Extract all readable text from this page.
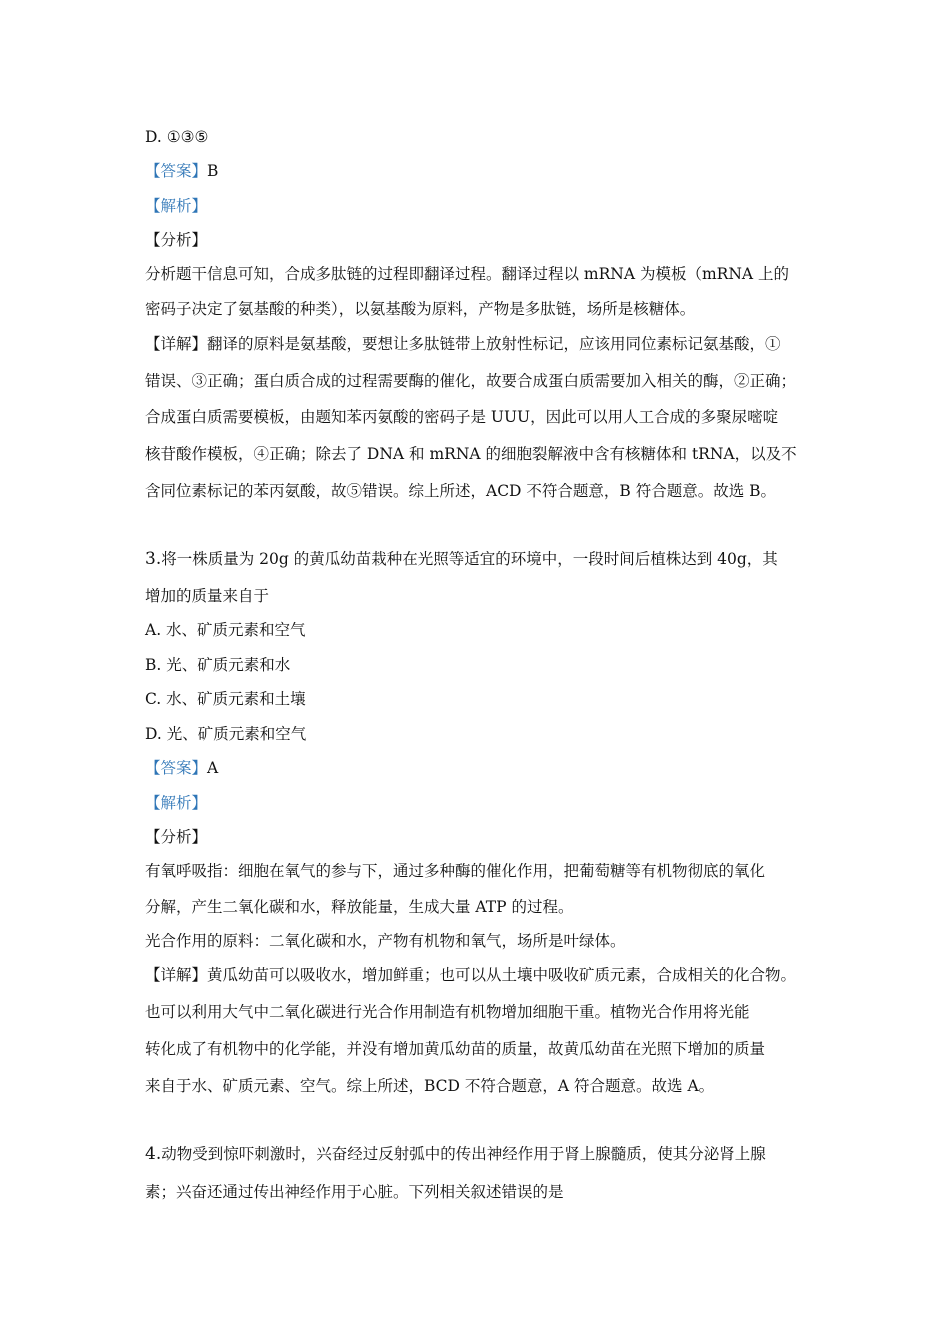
D. ①③⑤
【答案】B
【解析】
【分析】
分析题干信息可知，合成多肽链的过程即翻译过程。翻译过程以 mRNA 为模板（mRNA 上的
密码子决定了氨基酸的种类），以氨基酸为原料，产物是多肽链，场所是核糖体。
【详解】翻译的原料是氨基酸，要想让多肽链带上放射性标记，应该用同位素标记氨基酸，①
错误、③正确；蛋白质合成的过程需要酶的催化，故要合成蛋白质需要加入相关的酶，②正确；
合成蛋白质需要模板，由题知苯丙氨酸的密码子是 UUU，因此可以用人工合成的多聚尿嘧啶
核苷酸作模板，④正确；除去了 DNA 和 mRNA 的细胞裂解液中含有核糖体和 tRNA，以及不
含同位素标记的苯丙氨酸，故⑤错误。综上所述，ACD 不符合题意，B 符合题意。故选 B。
3.将一株质量为 20g 的黄瓜幼苗栽种在光照等适宜的环境中，一段时间后植株达到 40g，其
增加的质量来自于
A. 水、矿质元素和空气
B. 光、矿质元素和水
C. 水、矿质元素和土壤
D. 光、矿质元素和空气
【答案】A
【解析】
【分析】
有氧呼吸指：细胞在氧气的参与下，通过多种酶的催化作用，把葡萄糖等有机物彻底的氧化
分解，产生二氧化碳和水，释放能量，生成大量 ATP 的过程。
光合作用的原料：二氧化碳和水，产物有机物和氧气，场所是叶绿体。
【详解】黄瓜幼苗可以吸收水，增加鲜重；也可以从土壤中吸收矿质元素，合成相关的化合物。
也可以利用大气中二氧化碳进行光合作用制造有机物增加细胞干重。植物光合作用将光能
转化成了有机物中的化学能，并没有增加黄瓜幼苗的质量，故黄瓜幼苗在光照下增加的质量
来自于水、矿质元素、空气。综上所述，BCD 不符合题意，A 符合题意。故选 A。
4.动物受到惊吓刺激时，兴奋经过反射弧中的传出神经作用于肾上腺髓质，使其分泌肾上腺
素；兴奋还通过传出神经作用于心脏。下列相关叙述错误的是
